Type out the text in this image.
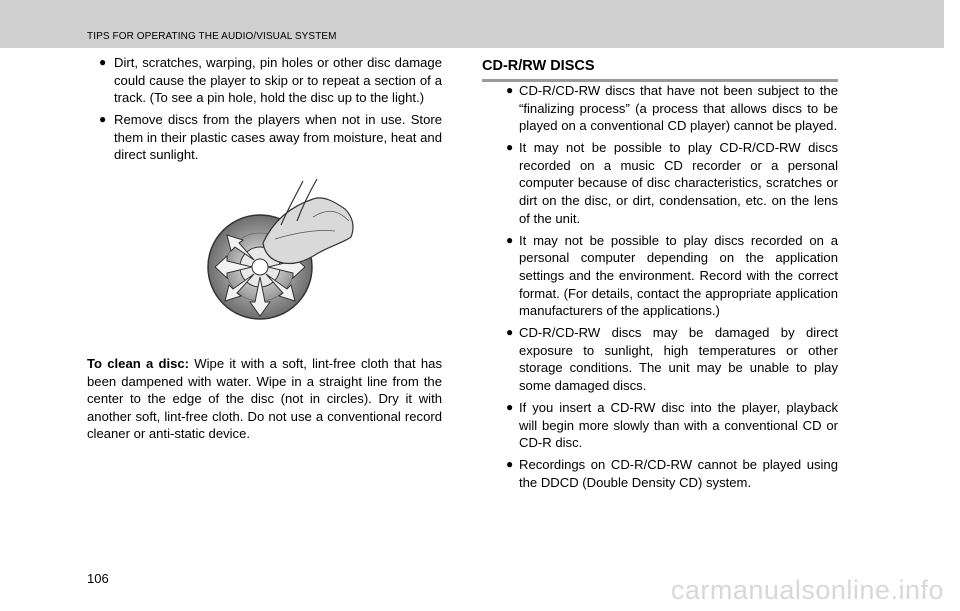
TIPS FOR OPERATING THE AUDIO/VISUAL SYSTEM
● Dirt, scratches, warping, pin holes or other disc damage could cause the player to skip or to repeat a section of a track. (To see a pin hole, hold the disc up to the light.)
● Remove discs from the players when not in use. Store them in their plastic cases away from moisture, heat and direct sunlight.

To clean a disc: Wipe it with a soft, lint-free cloth that has been dampened with water. Wipe in a straight line from the center to the edge of the disc (not in circles). Dry it with another soft, lint-free cloth. Do not use a conventional record cleaner or anti-static device.

CD-R/RW DISCS
● CD-R/CD-RW discs that have not been subject to the “finalizing process” (a process that allows discs to be played on a conventional CD player) cannot be played.
● It may not be possible to play CD-R/CD-RW discs recorded on a music CD recorder or a personal computer because of disc characteristics, scratches or dirt on the disc, or dirt, condensation, etc. on the lens of the unit.
● It may not be possible to play discs recorded on a personal computer depending on the application settings and the environment. Record with the correct format. (For details, contact the appropriate application manufacturers of the applications.)
● CD-R/CD-RW discs may be damaged by direct exposure to sunlight, high temperatures or other storage conditions. The unit may be unable to play some damaged discs.
● If you insert a CD-RW disc into the player, playback will begin more slowly than with a conventional CD or CD-R disc.
● Recordings on CD-R/CD-RW cannot be played using the DDCD (Double Density CD) system.
106	carmanualsonline.info
